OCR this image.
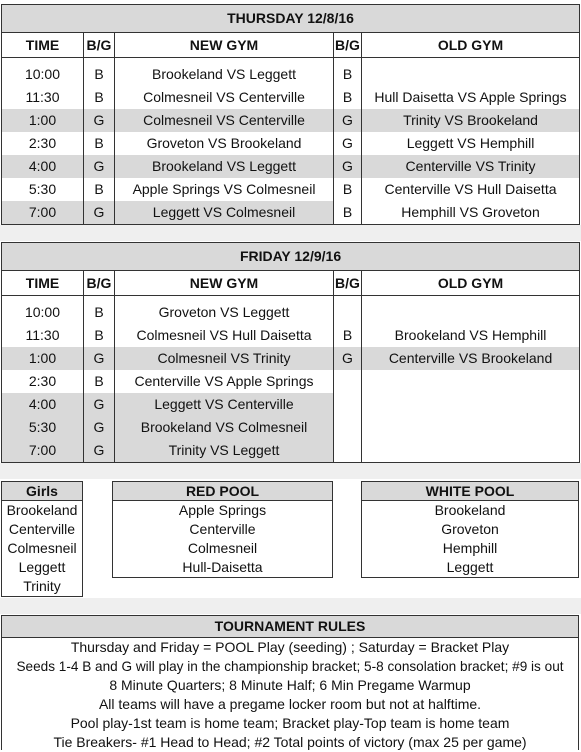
THURSDAY 12/8/16				
TIME	B/G	NEW GYM	B/G	OLD GYM

10:00	B	Brookeland VS Leggett	B	
11:30	B	Colmesneil VS Centerville	B	Hull Daisetta VS Apple Springs
1:00	G	Colmesneil VS Centerville	G	Trinity VS Brookeland
2:30	B	Groveton VS Brookeland	G	Leggett VS Hemphill
4:00	G	Brookeland VS Leggett	G	Centerville VS Trinity
5:30	B	Apple Springs VS Colmesneil	B	Centerville VS Hull Daisetta
7:00	G	Leggett VS Colmesneil	B	Hemphill VS Groveton
FRIDAY 12/9/16				
TIME	B/G	NEW GYM	B/G	OLD GYM

10:00	B	Groveton VS Leggett		
11:30	B	Colmesneil VS Hull Daisetta	B	Brookeland VS Hemphill
1:00	G	Colmesneil VS Trinity	G	Centerville VS Brookeland
2:30	B	Centerville VS Apple Springs		
4:00	G	Leggett VS Centerville		
5:30	G	Brookeland VS Colmesneil		
7:00	G	Trinity VS Leggett		
Girls
Brookeland
Centerville
Colmesneil
Leggett
Trinity
RED POOL
Apple Springs
Centerville
Colmesneil
Hull-Daisetta
WHITE POOL
Brookeland
Groveton
Hemphill
Leggett
TOURNAMENT RULES
Thursday and Friday = POOL Play (seeding) ; Saturday = Bracket Play
Seeds 1-4 B and G will play in the championship bracket; 5-8 consolation bracket; #9 is out
8 Minute Quarters; 8 Minute Half; 6 Min Pregame Warmup
All teams will have a pregame locker room but not at halftime.
Pool play-1st team is home team; Bracket play-Top team is home team
Tie Breakers- #1 Head to Head; #2 Total points of victory (max 25 per game)
